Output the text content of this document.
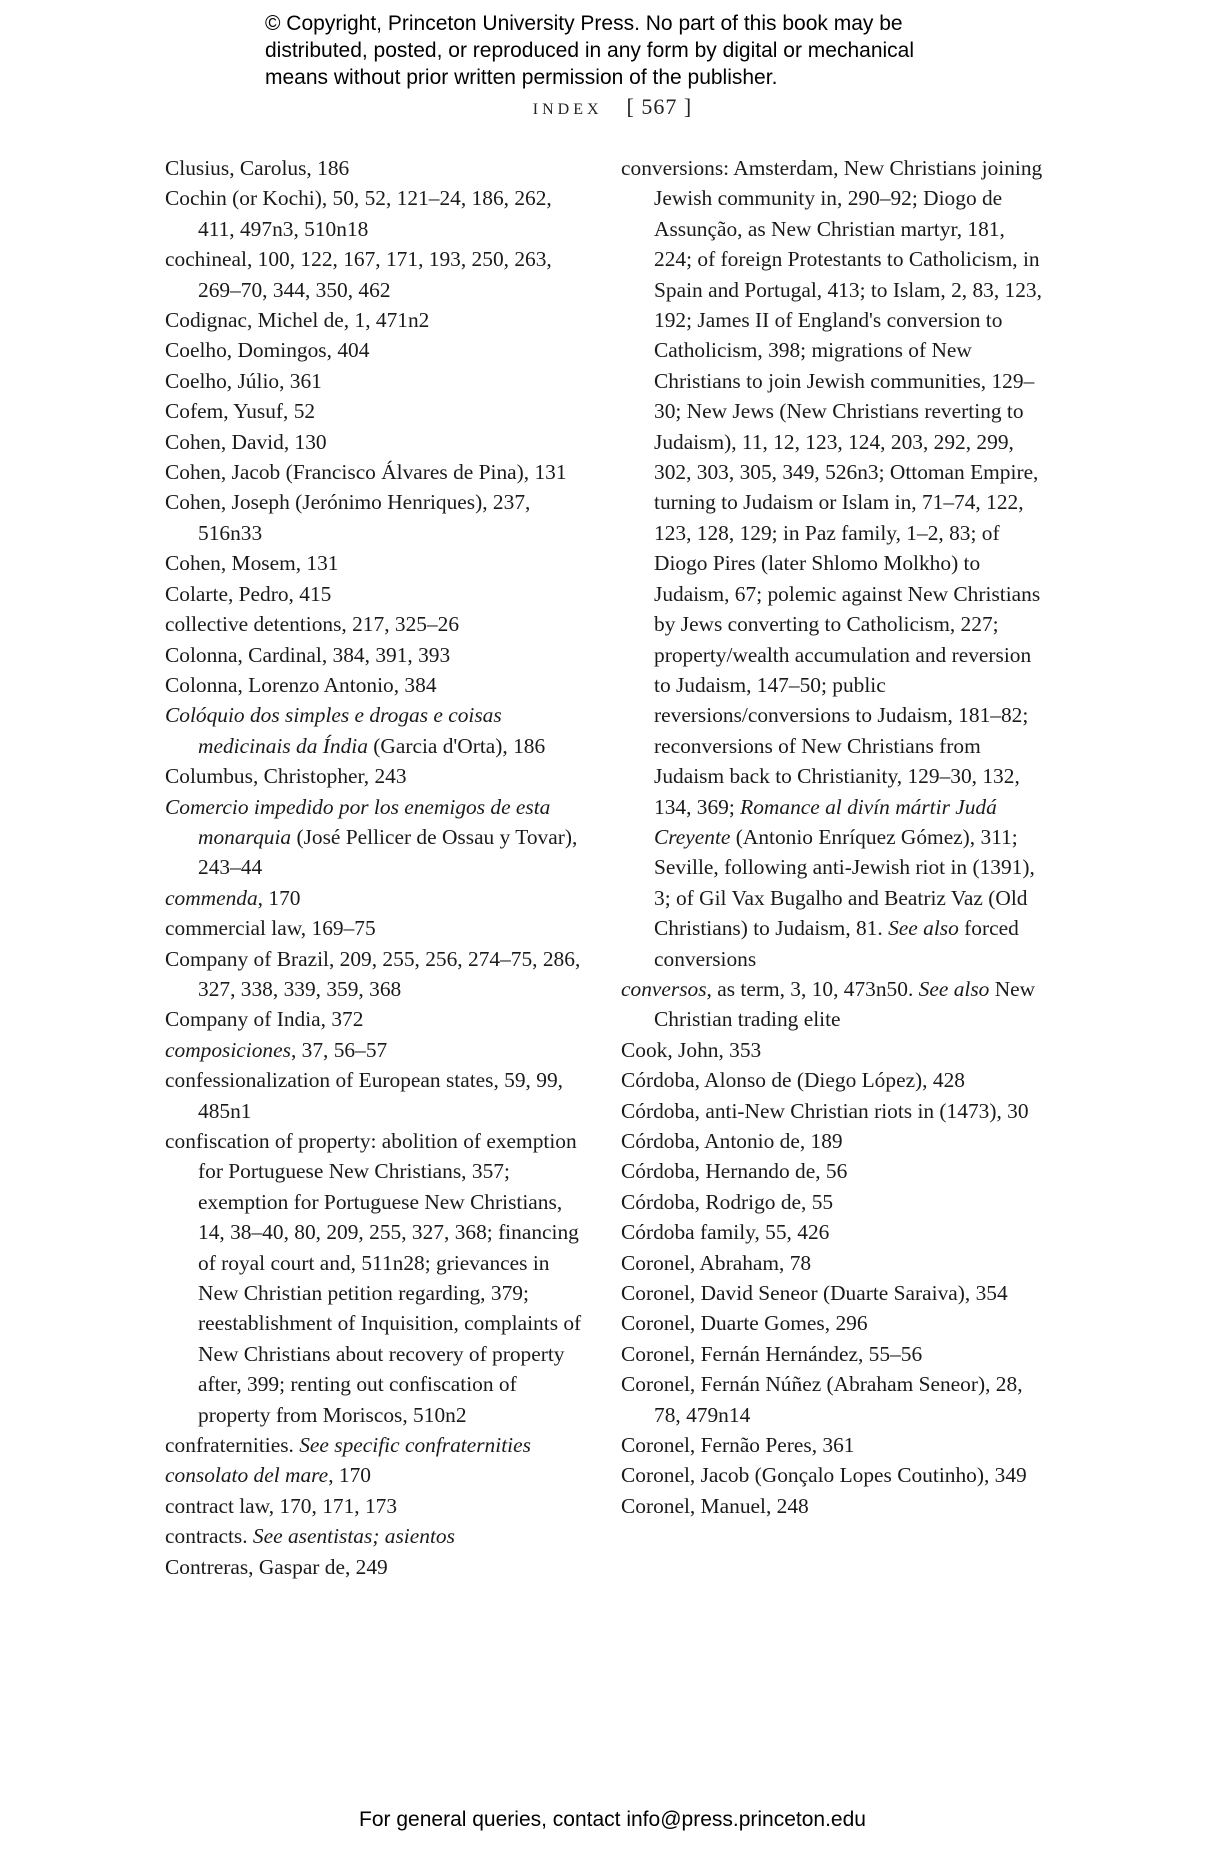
© Copyright, Princeton University Press. No part of this book may be
distributed, posted, or reproduced in any form by digital or mechanical
means without prior written permission of the publisher.
INDEX [ 567 ]
Clusius, Carolus, 186
Cochin (or Kochi), 50, 52, 121–24, 186, 262, 411, 497n3, 510n18
cochineal, 100, 122, 167, 171, 193, 250, 263, 269–70, 344, 350, 462
Codignac, Michel de, 1, 471n2
Coelho, Domingos, 404
Coelho, Júlio, 361
Cofem, Yusuf, 52
Cohen, David, 130
Cohen, Jacob (Francisco Álvares de Pina), 131
Cohen, Joseph (Jerónimo Henriques), 237, 516n33
Cohen, Mosem, 131
Colarte, Pedro, 415
collective detentions, 217, 325–26
Colonna, Cardinal, 384, 391, 393
Colonna, Lorenzo Antonio, 384
Colóquio dos simples e drogas e coisas medicinais da Índia (Garcia d'Orta), 186
Columbus, Christopher, 243
Comercio impedido por los enemigos de esta monarquia (José Pellicer de Ossau y Tovar), 243–44
commenda, 170
commercial law, 169–75
Company of Brazil, 209, 255, 256, 274–75, 286, 327, 338, 339, 359, 368
Company of India, 372
composiciones, 37, 56–57
confessionalization of European states, 59, 99, 485n1
confiscation of property: abolition of exemption for Portuguese New Christians, 357; exemption for Portuguese New Christians, 14, 38–40, 80, 209, 255, 327, 368; financing of royal court and, 511n28; grievances in New Christian petition regarding, 379; reestablishment of Inquisition, complaints of New Christians about recovery of property after, 399; renting out confiscation of property from Moriscos, 510n2
confraternities. See specific confraternities
consolato del mare, 170
contract law, 170, 171, 173
contracts. See asentistas; asientos
Contreras, Gaspar de, 249
conversions: Amsterdam, New Christians joining Jewish community in, 290–92; Diogo de Assunção, as New Christian martyr, 181, 224; of foreign Protestants to Catholicism, in Spain and Portugal, 413; to Islam, 2, 83, 123, 192; James II of England's conversion to Catholicism, 398; migrations of New Christians to join Jewish communities, 129–30; New Jews (New Christians reverting to Judaism), 11, 12, 123, 124, 203, 292, 299, 302, 303, 305, 349, 526n3; Ottoman Empire, turning to Judaism or Islam in, 71–74, 122, 123, 128, 129; in Paz family, 1–2, 83; of Diogo Pires (later Shlomo Molkho) to Judaism, 67; polemic against New Christians by Jews converting to Catholicism, 227; property/wealth accumulation and reversion to Judaism, 147–50; public reversions/conversions to Judaism, 181–82; reconversions of New Christians from Judaism back to Christianity, 129–30, 132, 134, 369; Romance al divín mártir Judá Creyente (Antonio Enríquez Gómez), 311; Seville, following anti-Jewish riot in (1391), 3; of Gil Vax Bugalho and Beatriz Vaz (Old Christians) to Judaism, 81. See also forced conversions
conversos, as term, 3, 10, 473n50. See also New Christian trading elite
Cook, John, 353
Córdoba, Alonso de (Diego López), 428
Córdoba, anti-New Christian riots in (1473), 30
Córdoba, Antonio de, 189
Córdoba, Hernando de, 56
Córdoba, Rodrigo de, 55
Córdoba family, 55, 426
Coronel, Abraham, 78
Coronel, David Seneor (Duarte Saraiva), 354
Coronel, Duarte Gomes, 296
Coronel, Fernán Hernández, 55–56
Coronel, Fernán Núñez (Abraham Seneor), 28, 78, 479n14
Coronel, Fernão Peres, 361
Coronel, Jacob (Gonçalo Lopes Coutinho), 349
Coronel, Manuel, 248
For general queries, contact info@press.princeton.edu
